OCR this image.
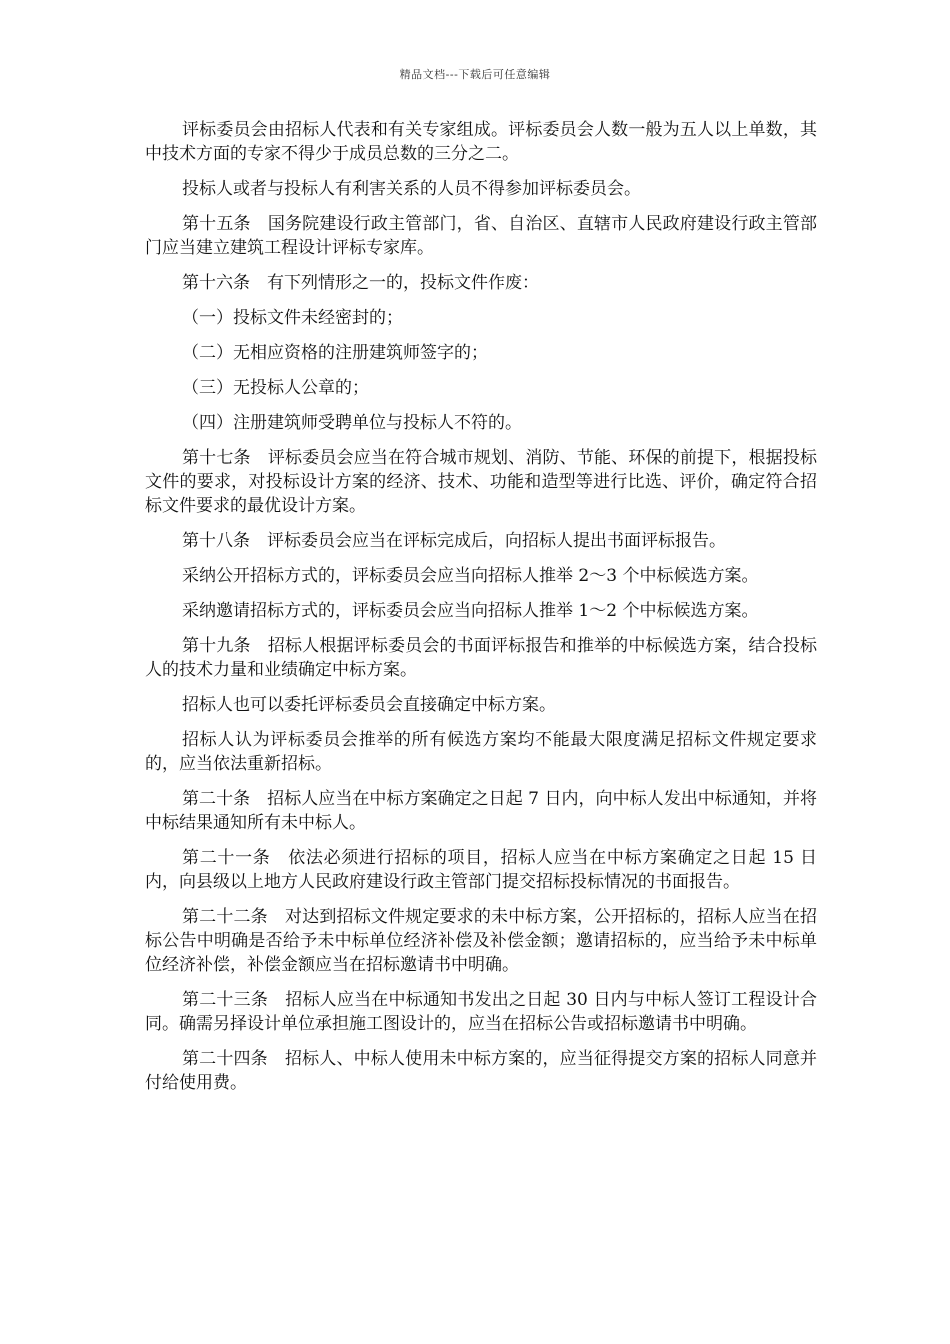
精品文档---下载后可任意编辑

评标委员会由招标人代表和有关专家组成。评标委员会人数一般为五人以上单数，其中技术方面的专家不得少于成员总数的三分之二。

投标人或者与投标人有利害关系的人员不得参加评标委员会。

第十五条　国务院建设行政主管部门，省、自治区、直辖市人民政府建设行政主管部门应当建立建筑工程设计评标专家库。

第十六条　有下列情形之一的，投标文件作废：

（一）投标文件未经密封的；

（二）无相应资格的注册建筑师签字的；

（三）无投标人公章的；

（四）注册建筑师受聘单位与投标人不符的。

第十七条　评标委员会应当在符合城市规划、消防、节能、环保的前提下，根据投标文件的要求，对投标设计方案的经济、技术、功能和造型等进行比选、评价，确定符合招标文件要求的最优设计方案。

第十八条　评标委员会应当在评标完成后，向招标人提出书面评标报告。

采纳公开招标方式的，评标委员会应当向招标人推举 2～3 个中标候选方案。

采纳邀请招标方式的，评标委员会应当向招标人推举 1～2 个中标候选方案。

第十九条　招标人根据评标委员会的书面评标报告和推举的中标候选方案，结合投标人的技术力量和业绩确定中标方案。

招标人也可以委托评标委员会直接确定中标方案。

招标人认为评标委员会推举的所有候选方案均不能最大限度满足招标文件规定要求的，应当依法重新招标。

第二十条　招标人应当在中标方案确定之日起 7 日内，向中标人发出中标通知，并将中标结果通知所有未中标人。

第二十一条　依法必须进行招标的项目，招标人应当在中标方案确定之日起 15 日内，向县级以上地方人民政府建设行政主管部门提交招标投标情况的书面报告。

第二十二条　对达到招标文件规定要求的未中标方案，公开招标的，招标人应当在招标公告中明确是否给予未中标单位经济补偿及补偿金额；邀请招标的，应当给予未中标单位经济补偿，补偿金额应当在招标邀请书中明确。

第二十三条　招标人应当在中标通知书发出之日起 30 日内与中标人签订工程设计合同。确需另择设计单位承担施工图设计的，应当在招标公告或招标邀请书中明确。

第二十四条　招标人、中标人使用未中标方案的，应当征得提交方案的招标人同意并付给使用费。
